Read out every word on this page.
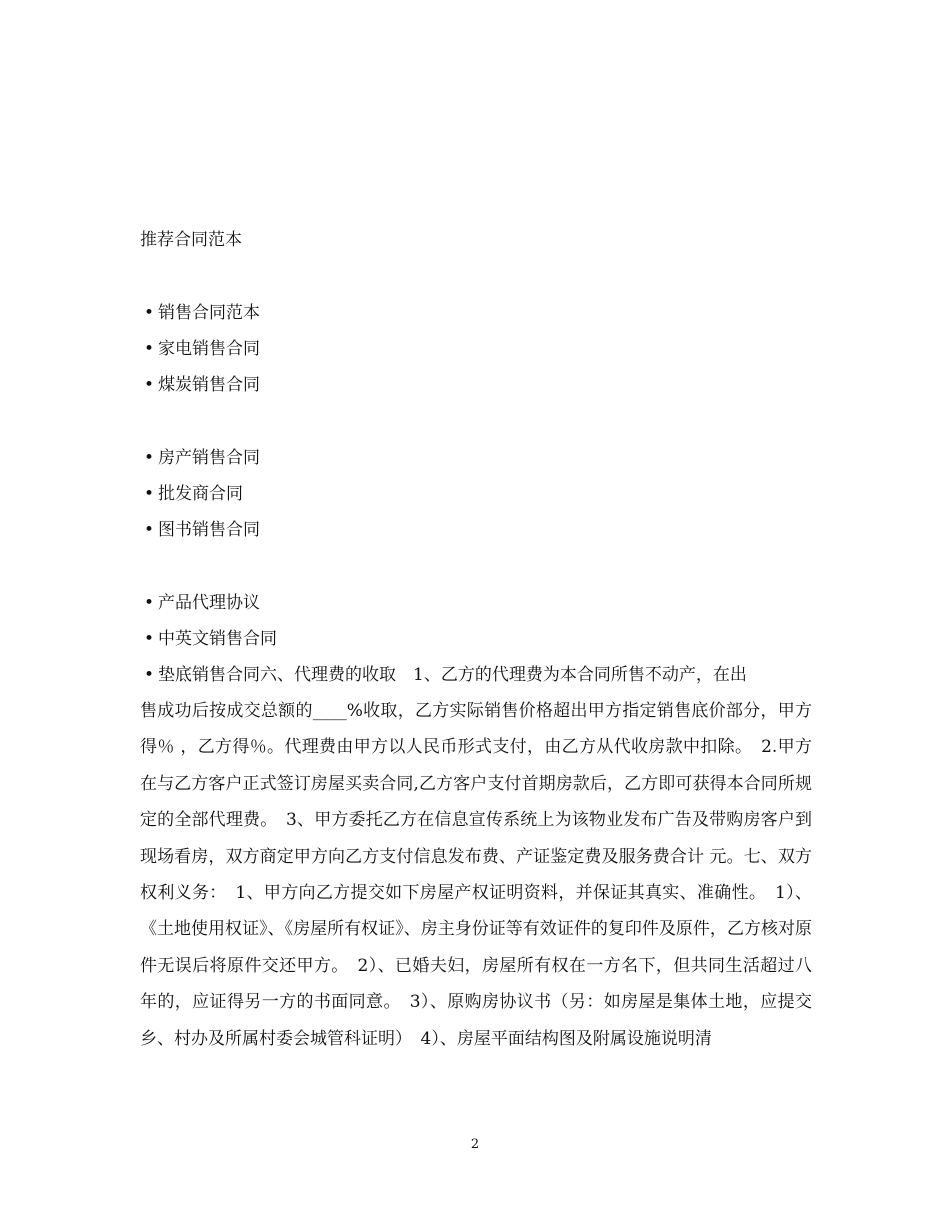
推荐合同范本
• 销售合同范本
• 家电销售合同
• 煤炭销售合同
• 房产销售合同
• 批发商合同
• 图书销售合同
• 产品代理协议
• 中英文销售合同
• 垫底销售合同六、代理费的收取　1、乙方的代理费为本合同所售不动产，在出

售成功后按成交总额的____%收取，乙方实际销售价格超出甲方指定销售底价部分，甲方得％ ，乙方得％。代理费由甲方以人民币形式支付，由乙方从代收房款中扣除。　2.甲方在与乙方客户正式签订房屋买卖合同,乙方客户支付首期房款后，乙方即可获得本合同所规定的全部代理费。　3、甲方委托乙方在信息宣传系统上为该物业发布广告及带购房客户到现场看房，双方商定甲方向乙方支付信息发布费、产证鉴定费及服务费合计 元。七、双方权利义务：　1、甲方向乙方提交如下房屋产权证明资料，并保证其真实、准确性。　1）、《土地使用权证》、《房屋所有权证》、房主身份证等有效证件的复印件及原件，乙方核对原件无误后将原件交还甲方。　2）、已婚夫妇，房屋所有权在一方名下，但共同生活超过八年的，应证得另一方的书面同意。　3）、原购房协议书（另：如房屋是集体土地，应提交乡、村办及所属村委会城管科证明）　4）、房屋平面结构图及附属设施说明清

2
